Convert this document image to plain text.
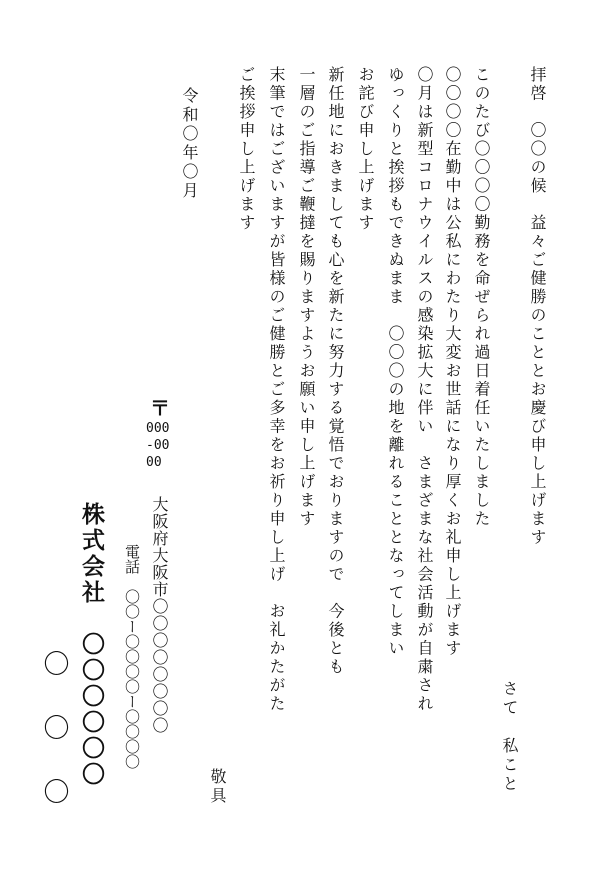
拝啓　〇〇の候　益々ご健勝のこととお慶び申し上げます
さて　私こと
このたび〇〇〇〇勤務を命ぜられ過日着任いたしました
〇〇〇〇在勤中は公私にわたり大変お世話になり厚くお礼申し上げます
〇月は新型コロナウイルスの感染拡大に伴い　さまざまな社会活動が自粛され
ゆっくりと挨拶もできぬまま　〇〇〇の地を離れることとなってしまい
お詫び申し上げます
新任地におきましても心を新たに努力する覚悟でおりますので　今後とも
一層のご指導ご鞭撻を賜りますようお願い申し上げます
末筆ではございますが皆様のご健勝とご多幸をお祈り申し上げ　お礼かたがた
ご挨拶申し上げます
敬具
令和〇年〇月
〒
000-0000
大阪府大阪市〇〇〇〇〇〇〇〇
電話　〇〇ー〇〇〇〇ー〇〇〇〇
株式会社　〇〇〇〇〇〇
〇　〇　〇
